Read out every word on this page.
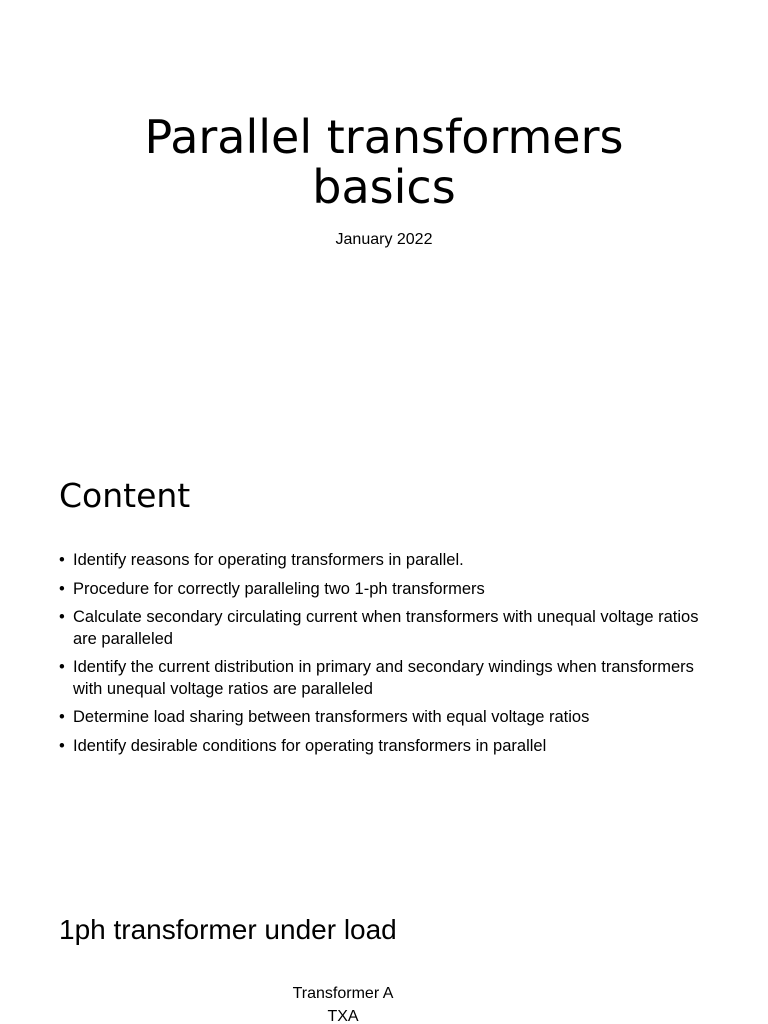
Parallel transformers
basics
January 2022
Content
• Identify reasons for operating transformers in parallel.
• Procedure for correctly paralleling two 1-ph transformers
• Calculate secondary circulating current when transformers with unequal voltage ratios are paralleled
• Identify the current distribution in primary and secondary windings when transformers with unequal voltage ratios are paralleled
• Determine load sharing between transformers with equal voltage ratios
• Identify desirable conditions for operating transformers in parallel
1ph transformer under load
Transformer A
TXA
